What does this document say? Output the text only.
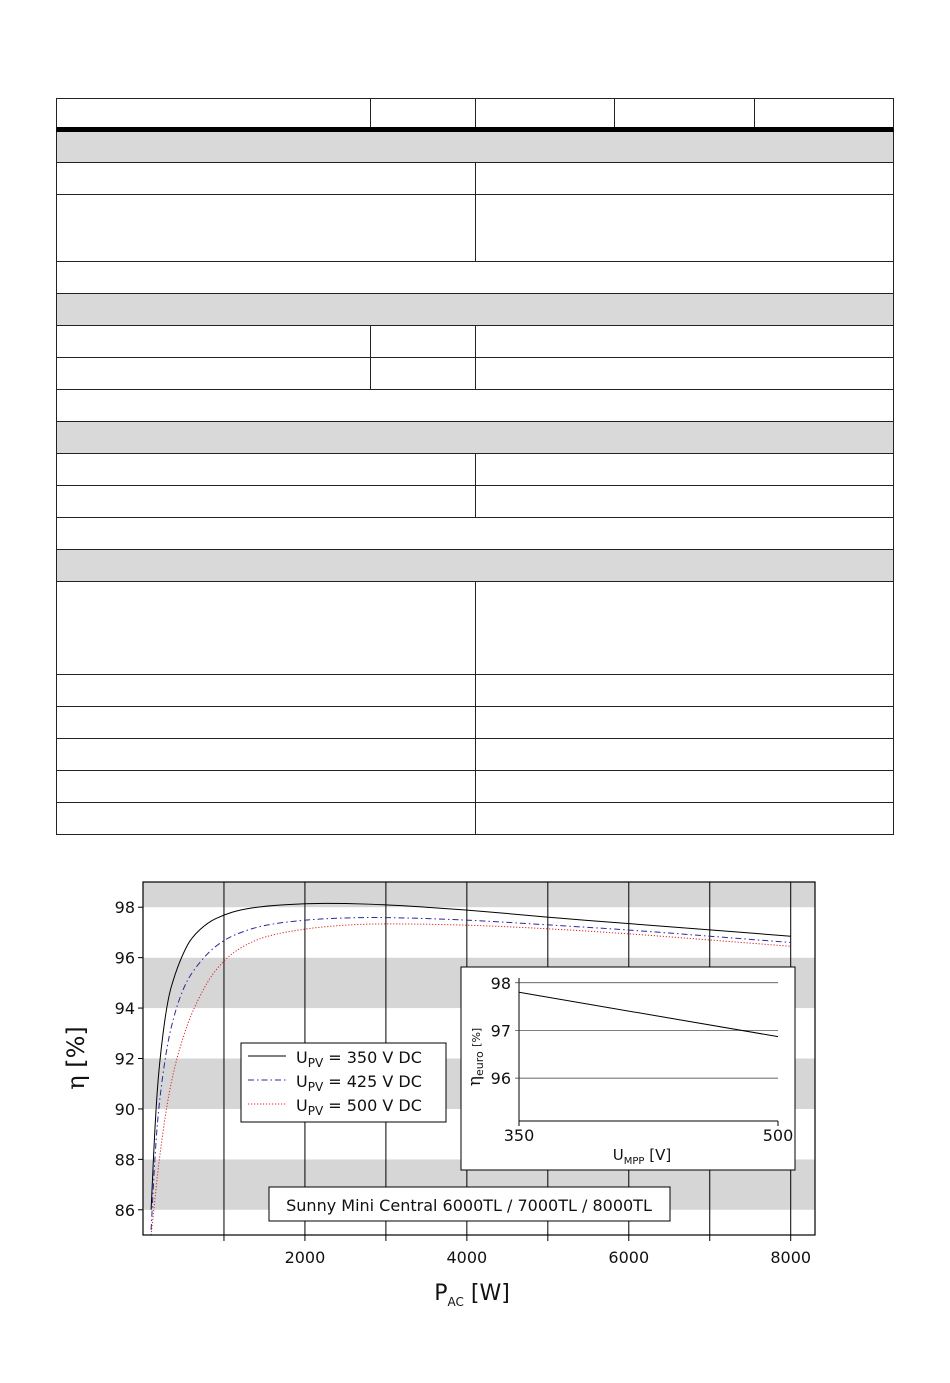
86
88
90
92
94
96
98
2000	4000	6000	8000
η [%]
$P_{AC}$ [W]
$U_{PV} = 350$ V DC
$U_{PV} = 425$ V DC
$U_{PV} = 500$ V DC
Sunny Mini Central 6000TL / 7000TL / 8000TL
96
97
98
350	500
$\eta_{euro}$ [%]
$U_{MPP}$ [V]
